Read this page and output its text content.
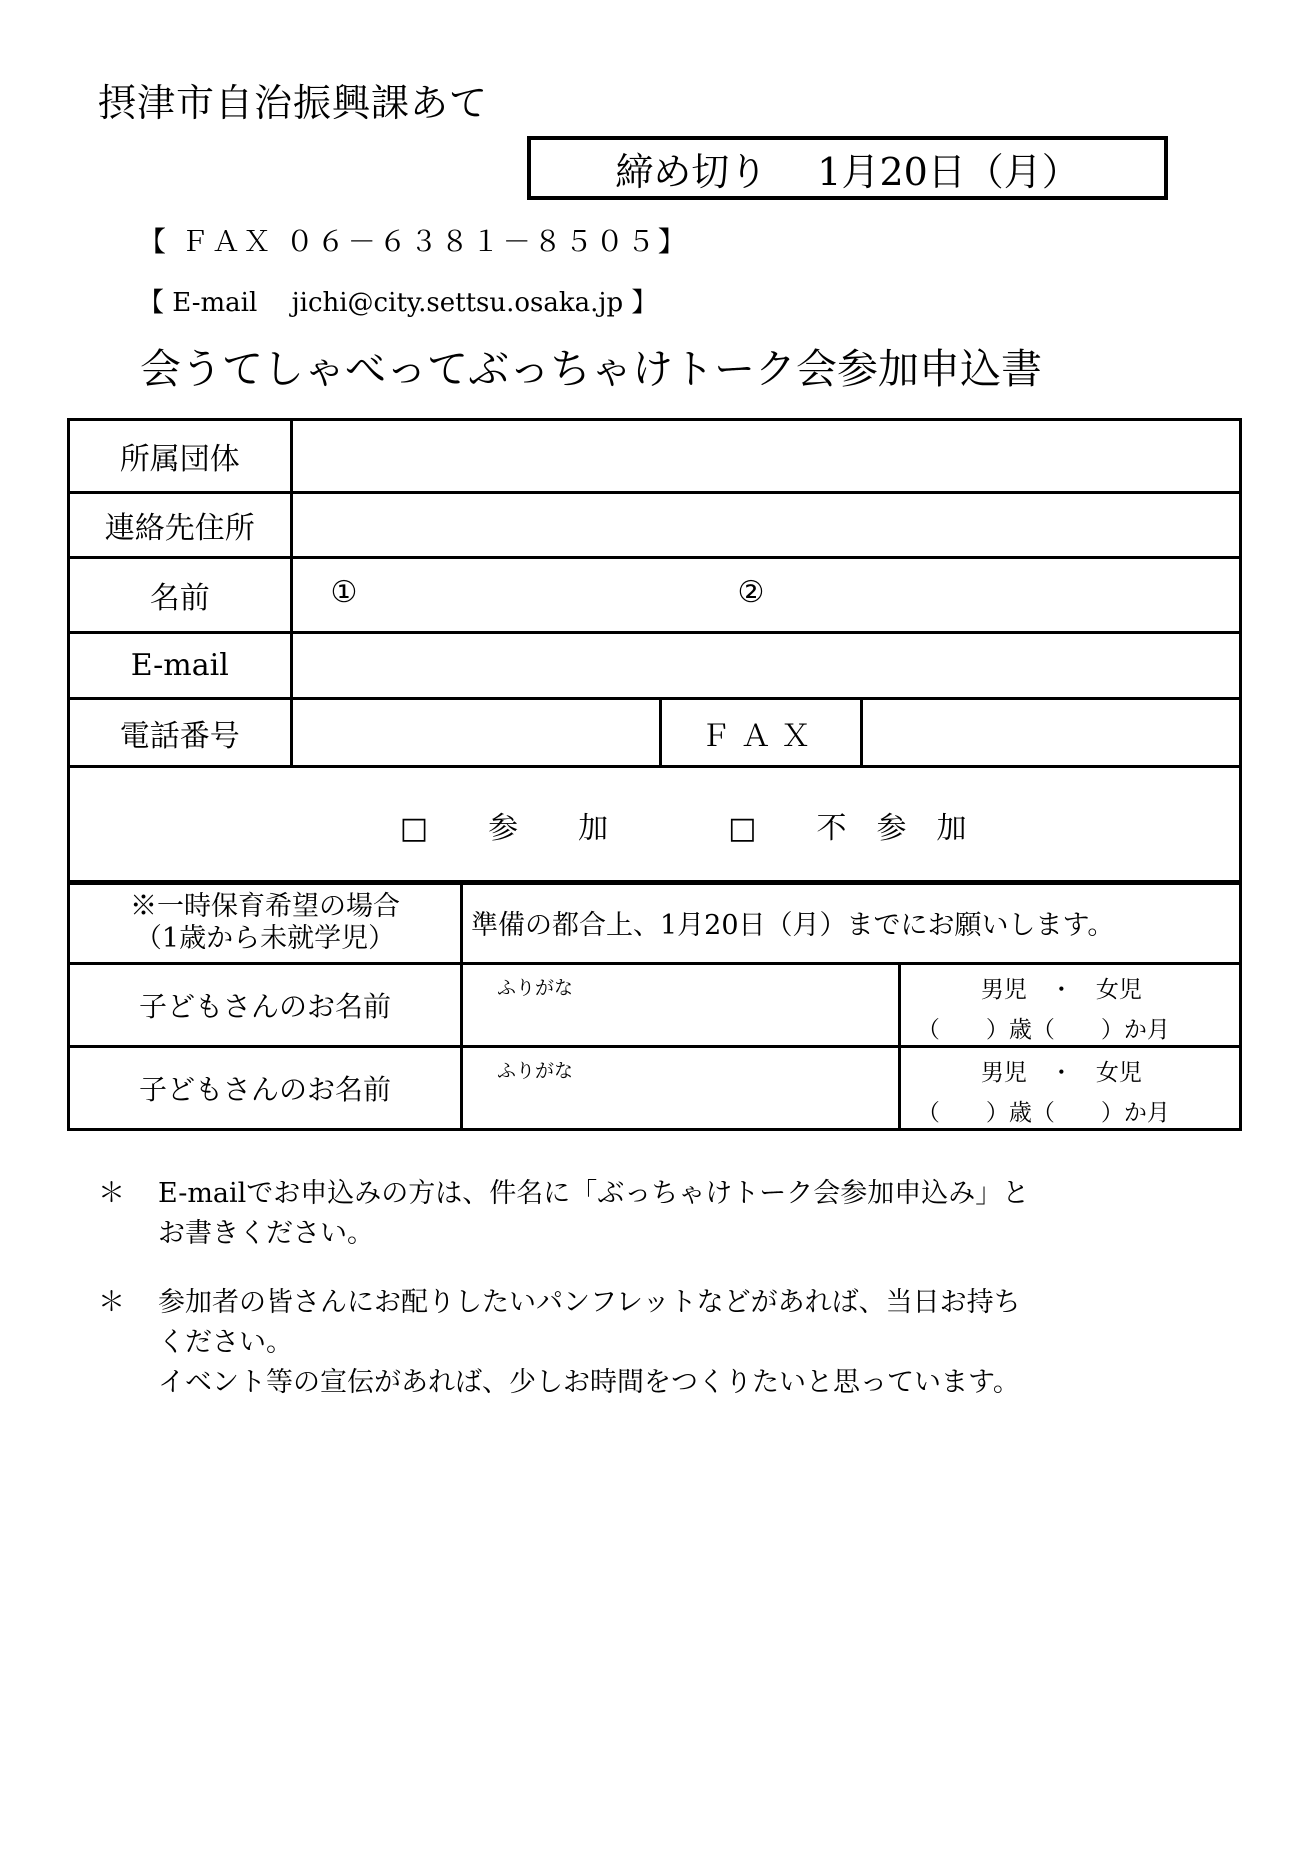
摂津市自治振興課あて
締め切り　 1月20日（月）
【 ＦＡＸ ０６－６３８１－８５０５】
【 E-mail　 jichi@city.settsu.osaka.jp 】
会うてしゃべってぶっちゃけトーク会参加申込書
所属団体			
連絡先住所			
名前	① ②		

E-mail			
電話番号		ＦＡＸ	

□　　参　　加　　　　 □　　不　参　加			

※一時保育希望の場合
（1歳から未就学児）	準備の都合上、1月20日（月）までにお願いします。	
子どもさんのお名前	ふりがな	男児　・　女児
（　　）歳（　　）か月

子どもさんのお名前	ふりがな	男児　・　女児
（　　）歳（　　）か月
＊ E-mailでお申込みの方は、件名に「ぶっちゃけトーク会参加申込み」と
お書きください。
＊ 参加者の皆さんにお配りしたいパンフレットなどがあれば、当日お持ち
ください。
イベント等の宣伝があれば、少しお時間をつくりたいと思っています。
